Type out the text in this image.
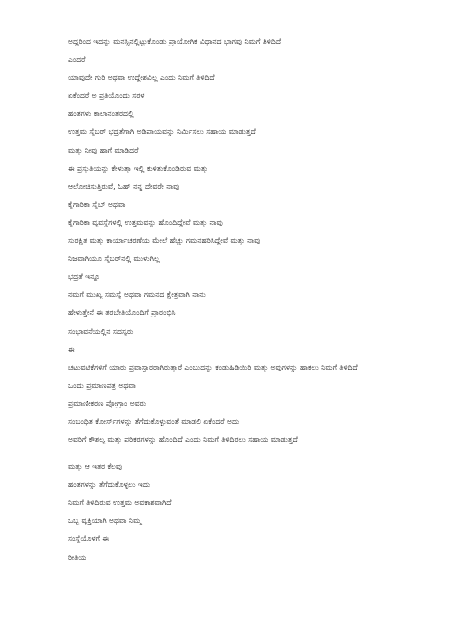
ಅದ್ದರಿಂದ ಇದನ್ನು ಮನಸ್ಸಿನಲ್ಲಿಟ್ಟುಕೊಂಡು ಪ್ರಾಯೋಗಿಕ ವಿಧಾನದ ಭಾಗವು ನಿಮಗೆ ತಿಳಿದಿದೆ
ಎಂದರೆ
ಯಾವುದೇ ಗುರಿ ಅಥವಾ ಉದ್ದೇಶವಿಲ್ಲ ಎಂದು ನಿಮಗೆ ತಿಳಿದಿದೆ
ಏಕೆಂದರೆ ಅ ಪ್ರತಿಯೊಂದು ಸರಳ
ಹಂತಗಳು ಕಾಲಾನಂತರದಲ್ಲಿ
ಉತ್ತಮ ಸೈಬರ್ ಭದ್ರತೆಗಾಗಿ ಅಡಿಪಾಯವನ್ನು ನಿರ್ಮಿಸಲು ಸಹಾಯ ಮಾಡುತ್ತದೆ
ಮತ್ತು ನೀವು ಹಾಗೆ ಮಾಡಿದರೆ
ಈ ಪ್ರಸ್ತುತಿಯನ್ನು ಕೇಳುತ್ತಾ ಇಲ್ಲಿ ಕುಳಿತುಕೊಂಡಿರುವ ಮತ್ತು
ಆಲೋಚಿಸುತ್ತಿರುವೆ, ಓಹ್ ನನ್ನ ದೇವರೇ ನಾವು
ಕೈಗಾರಿಕಾ ಸೈಬ್ ಅಥವಾ
ಕೈಗಾರಿಕಾ ವ್ಯವಸ್ಥೆಗಳಲ್ಲಿ ಉತ್ತಮವನ್ನು ಹೊಂದಿದ್ದೇವೆ ಮತ್ತು ನಾವು
ಸುರಕ್ಷಿತ ಮತ್ತು ಕಾರ್ಯಾಚರಣೆಯ ಮೇಲೆ ಹೆಚ್ಚು ಗಮನಹರಿಸಿದ್ದೇವೆ ಮತ್ತು ನಾವು
ನಿಜವಾಗಿಯೂ ಸೈಬರ್‌ನಲ್ಲಿ ಮುಳುಗಿಲ್ಲ
ಭದ್ರತೆ ಇನ್ನೂ
ನಮಗೆ ಮುಖ್ಯ ಸಮಸ್ಯೆ ಅಥವಾ ಗಮನದ ಕ್ಷೇತ್ರವಾಗಿ ನಾನು
ಹೇಳುತ್ತೇನೆ ಈ ತರಬೇತಿಯೊಂದಿಗೆ ಪ್ರಾರಂಭಿಸಿ
ಸಂಭಾವನೆಯಲ್ಲಿನ ಸದಸ್ಯರು
ಈ
ಚಟುವಟಿಕೆಗಳಿಗೆ ಯಾರು ಪ್ರವಾಸ್ಸಾರರಾಗಿರುತ್ತಾರೆ ಎಂಬುದನ್ನು ಕಂಡುಹಿಡಿಯಿರಿ ಮತ್ತು ಅವುಗಳನ್ನು ಹಾಕಲು ನಿಮಗೆ ತಿಳಿದಿದೆ
ಒಂದು ಪ್ರಮಾಣಪತ್ರ ಅಥವಾ
ಪ್ರಮಾಣೀಕರಣ ಪ್ರೋಗ್ರಾಂ ಅವರು
ಸಂಬಂಧಿತ ಕೋರ್ಸ್‌ಗಳನ್ನು ತೆಗೆದುಕೊಳ್ಳುವಂತೆ ಮಾಡಲಿ ಏಕೆಂದರೆ ಅದು
ಅವರಿಗೆ ಕೌಶಲ್ಯ ಮತ್ತು ಪರಿಕರಗಳನ್ನು ಹೊಂದಿದೆ ಎಂದು ನಿಮಗೆ ತಿಳಿದಿರಲು ಸಹಾಯ ಮಾಡುತ್ತದೆ
ಮತ್ತು ಆ ಇತರ ಕೆಲವು
ಹಂತಗಳನ್ನು ತೆಗೆದುಕೊಳ್ಳಲು ಇದು
ನಿಮಗೆ ತಿಳಿದಿರುವ ಉತ್ತಮ ಅವಕಾಶವಾಗಿದೆ
ಒಬ್ಬ ವ್ಯಕ್ತಿಯಾಗಿ ಅಥವಾ ನಿಮ್ಮ
ಸಂಸ್ಥೆಯೊಳಗೆ ಈ
ರೀತಿಯ
